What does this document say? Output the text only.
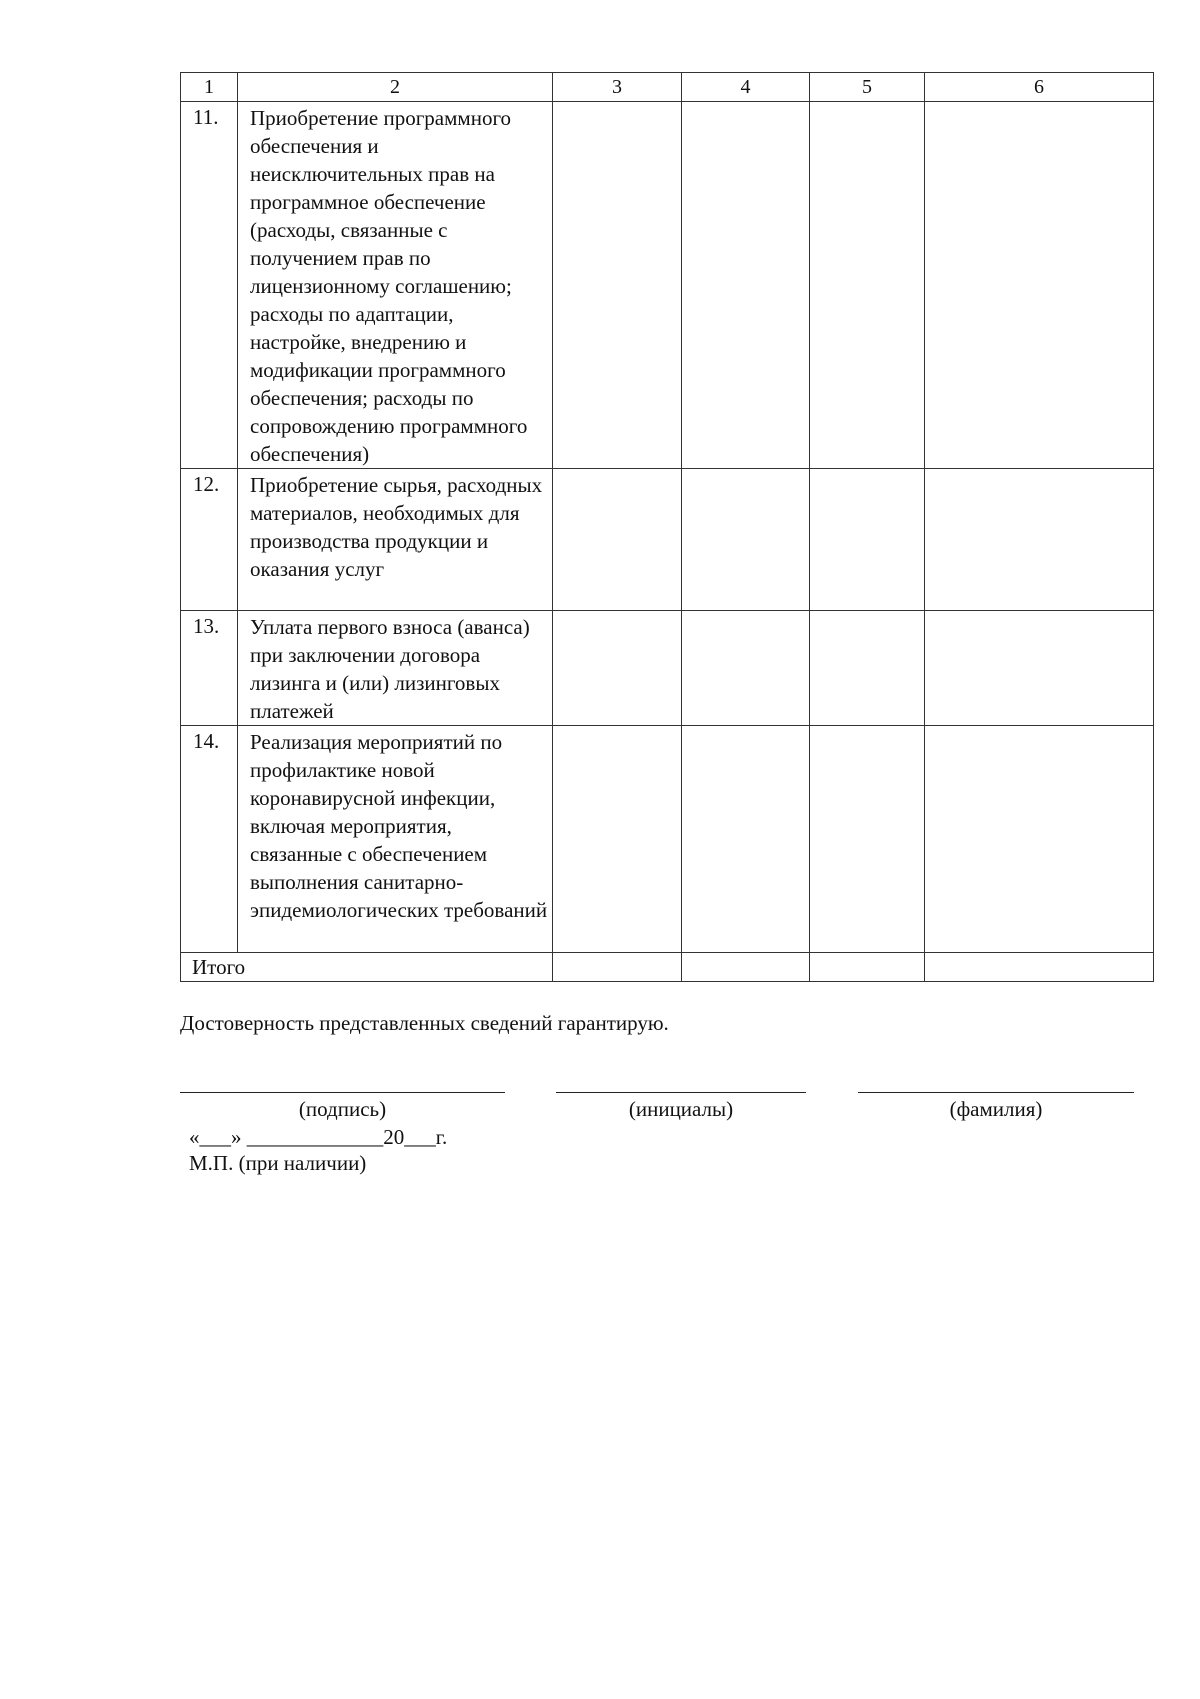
1	2	3	4	5	6
11.	Приобретение программного обеспечения и неисключительных прав на программное обеспечение (расходы, связанные с получением прав по лицензионному соглашению; расходы по адаптации, настройке, внедрению и модификации программного обеспечения; расходы по сопровождению программного обеспечения)				
12.	Приобретение сырья, расходных материалов, необходимых для производства продукции и оказания услуг				
13.	Уплата первого взноса (аванса) при заключении договора лизинга и (или) лизинговых платежей				
14.	Реализация мероприятий по профилактике новой коронавирусной инфекции, включая мероприятия, связанные с обеспечением выполнения санитарно-эпидемиологических требований				
Итого					
Достоверность представленных сведений гарантирую.
(подпись)	(инициалы)	(фамилия)
«___» _____________20___г.
М.П. (при наличии)
